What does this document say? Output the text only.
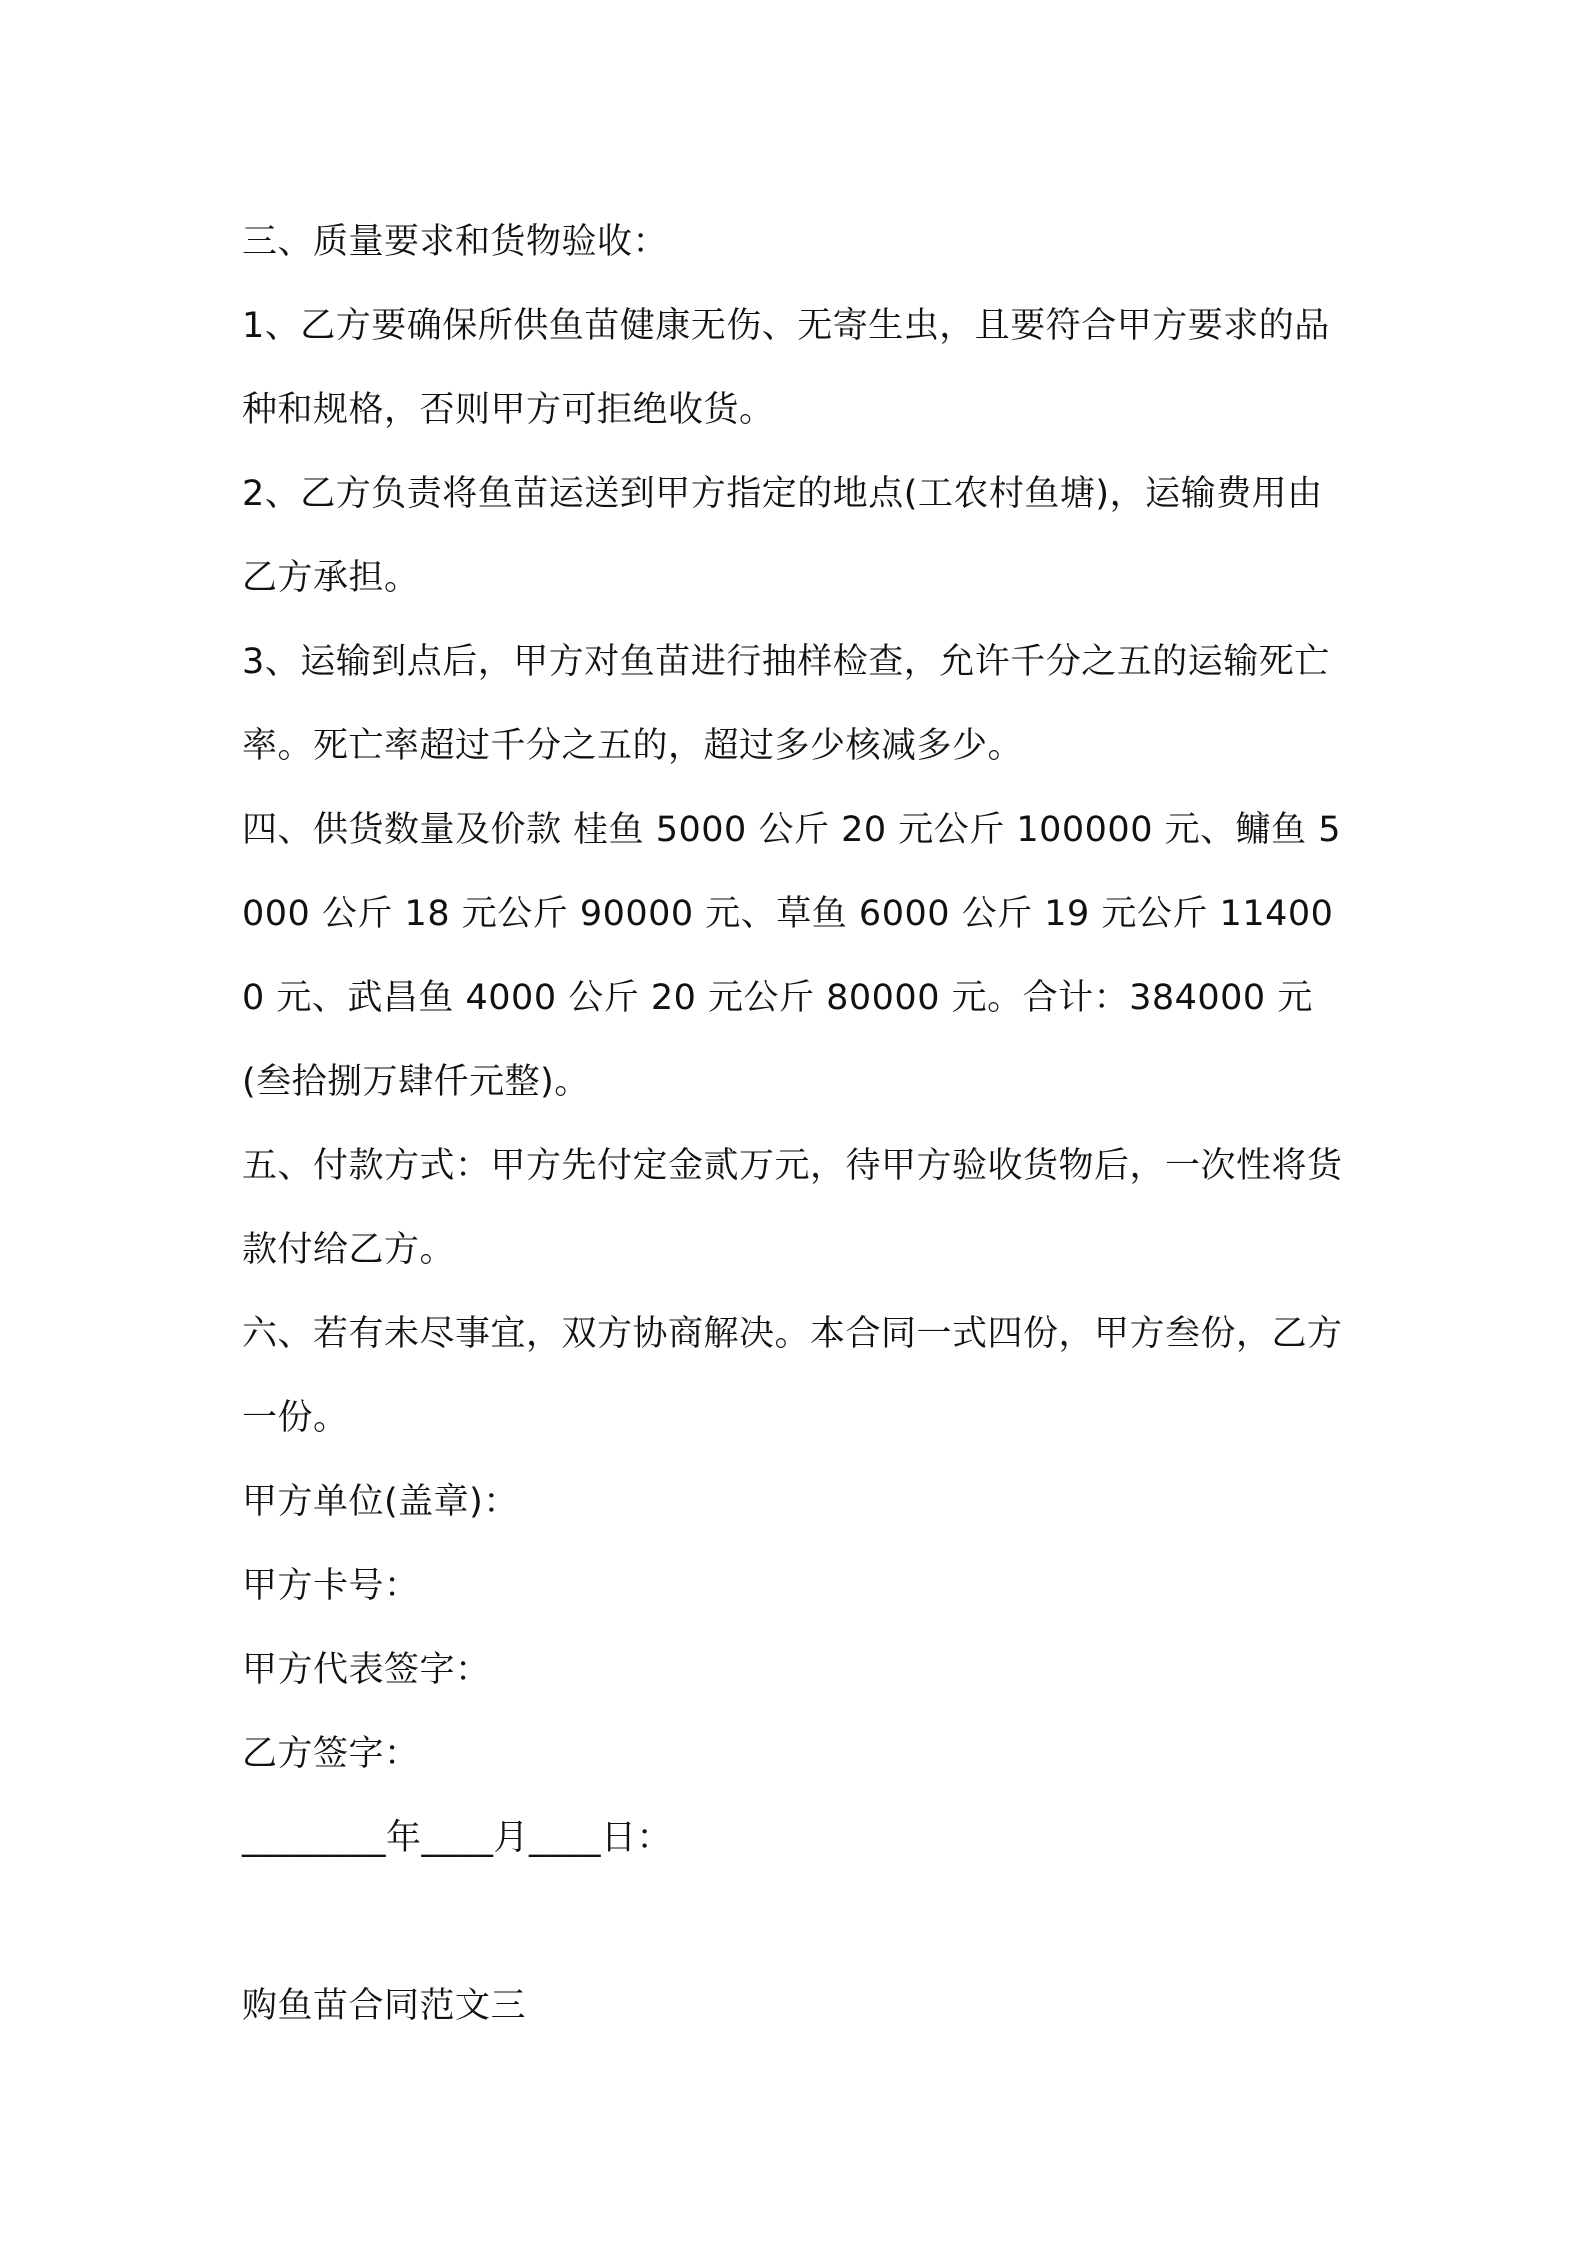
三、质量要求和货物验收：

1、乙方要确保所供鱼苗健康无伤、无寄生虫，且要符合甲方要求的品种和规格，否则甲方可拒绝收货。

2、乙方负责将鱼苗运送到甲方指定的地点(工农村鱼塘)，运输费用由乙方承担。

3、运输到点后，甲方对鱼苗进行抽样检查，允许千分之五的运输死亡率。死亡率超过千分之五的，超过多少核减多少。

四、供货数量及价款 桂鱼 5000 公斤 20 元公斤 100000 元、鳙鱼 5000 公斤 18 元公斤 90000 元、草鱼 6000 公斤 19 元公斤 114000 元、武昌鱼 4000 公斤 20 元公斤 80000 元。合计：384000 元(叁拾捌万肆仟元整)。

五、付款方式：甲方先付定金贰万元，待甲方验收货物后，一次性将货款付给乙方。

六、若有未尽事宜，双方协商解决。本合同一式四份，甲方叁份，乙方一份。

甲方单位(盖章)：

甲方卡号：

甲方代表签字：

乙方签字：

________年____月____日：

购鱼苗合同范文三
